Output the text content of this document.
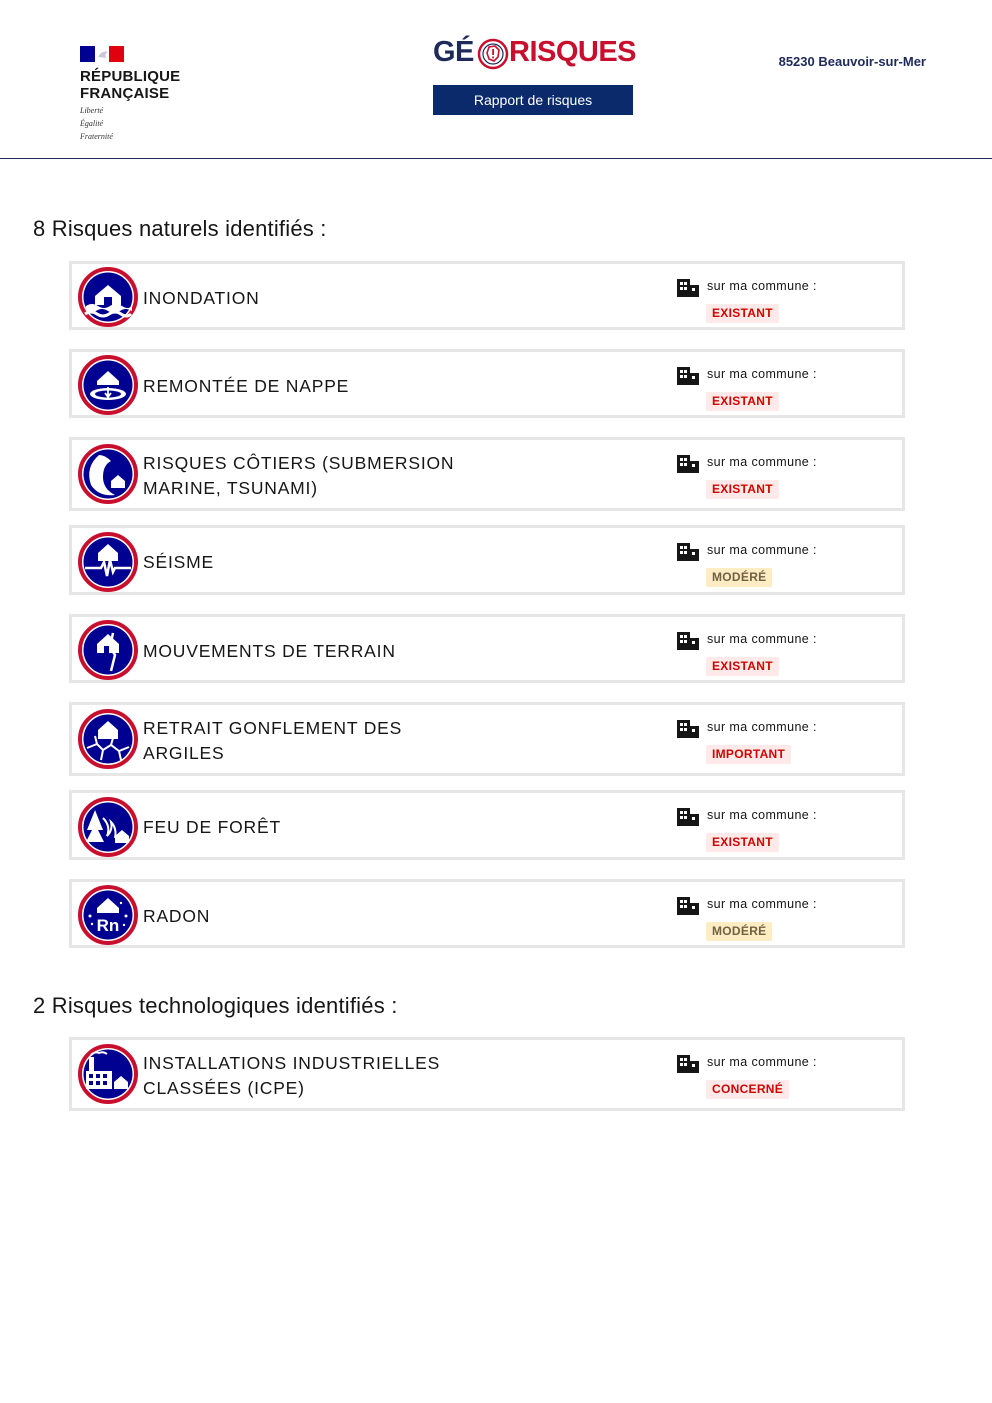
RÉPUBLIQUE
FRANÇAISE
Liberté
Égalité
Fraternité
GÉ RISQUES
Rapport de risques
85230 Beauvoir-sur-Mer
8 Risques naturels identifiés :
INONDATION
sur ma commune :
EXISTANT
REMONTÉE DE NAPPE
sur ma commune :
EXISTANT
RISQUES CÔTIERS (SUBMERSION
MARINE, TSUNAMI)
sur ma commune :
EXISTANT
SÉISME
sur ma commune :
MODÉRÉ
MOUVEMENTS DE TERRAIN
sur ma commune :
EXISTANT
RETRAIT GONFLEMENT DES
ARGILES
sur ma commune :
IMPORTANT
FEU DE FORÊT
sur ma commune :
EXISTANT
Rn RADON
sur ma commune :
MODÉRÉ
2 Risques technologiques identifiés :
INSTALLATIONS INDUSTRIELLES
CLASSÉES (ICPE)
sur ma commune :
CONCERNÉ
